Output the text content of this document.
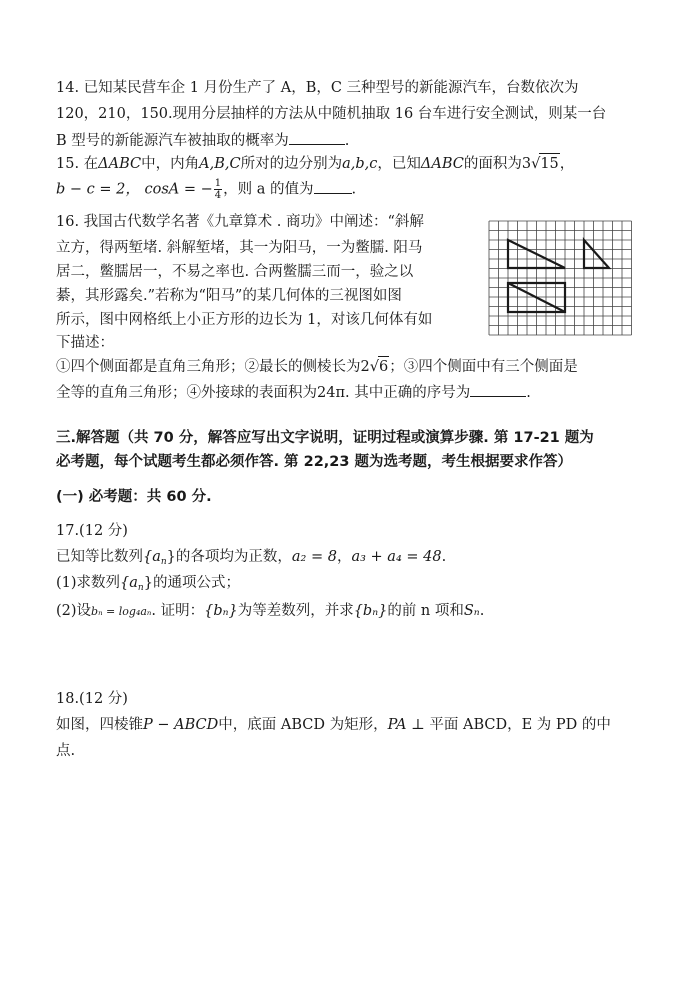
14. 已知某民营车企 1 月份生产了 A，B，C 三种型号的新能源汽车，台数依次为
120，210，150.现用分层抽样的方法从中随机抽取 16 台车进行安全测试，则某一台
B 型号的新能源汽车被抽取的概率为	.
15. 在ΔABC中，内角A,B,C所对的边分别为a,b,c，已知ΔABC的面积为3√15，
b − c = 2， cosA = − $\frac{1}{4}$ ，则 a 的值为	.
16. 我国古代数学名著《九章算术 . 商功》中阐述：“斜解
立方，得两堑堵. 斜解堑堵，其一为阳马，一为鳖臑. 阳马
居二，鳖臑居一，不易之率也. 合两鳖臑三而一，验之以
綦，其形露矣.”若称为“阳马”的某几何体的三视图如图
所示，图中网格纸上小正方形的边长为 1，对该几何体有如
下描述：
①四个侧面都是直角三角形；②最长的侧棱长为2√6；③四个侧面中有三个侧面是
全等的直角三角形；④外接球的表面积为24π. 其中正确的序号为	.
三.解答题（共 70 分，解答应写出文字说明，证明过程或演算步骤. 第 17-21 题为
必考题，每个试题考生都必须作答. 第 22,23 题为选考题，考生根据要求作答）
(一) 必考题：共 60 分.
17.(12 分)
已知等比数列$\{a_n\}$的各项均为正数，a₂ = 8，a₃ + a₄ = 48.
(1)求数列$\{a_n\}$的通项公式；
(2)设bₙ = log₄aₙ. 证明：{bₙ}为等差数列，并求{bₙ}的前 n 项和Sₙ.
18.(12 分)
如图，四棱锥P − ABCD中，底面 ABCD 为矩形，PA ⊥ 平面 ABCD，E 为 PD 的中
点.
